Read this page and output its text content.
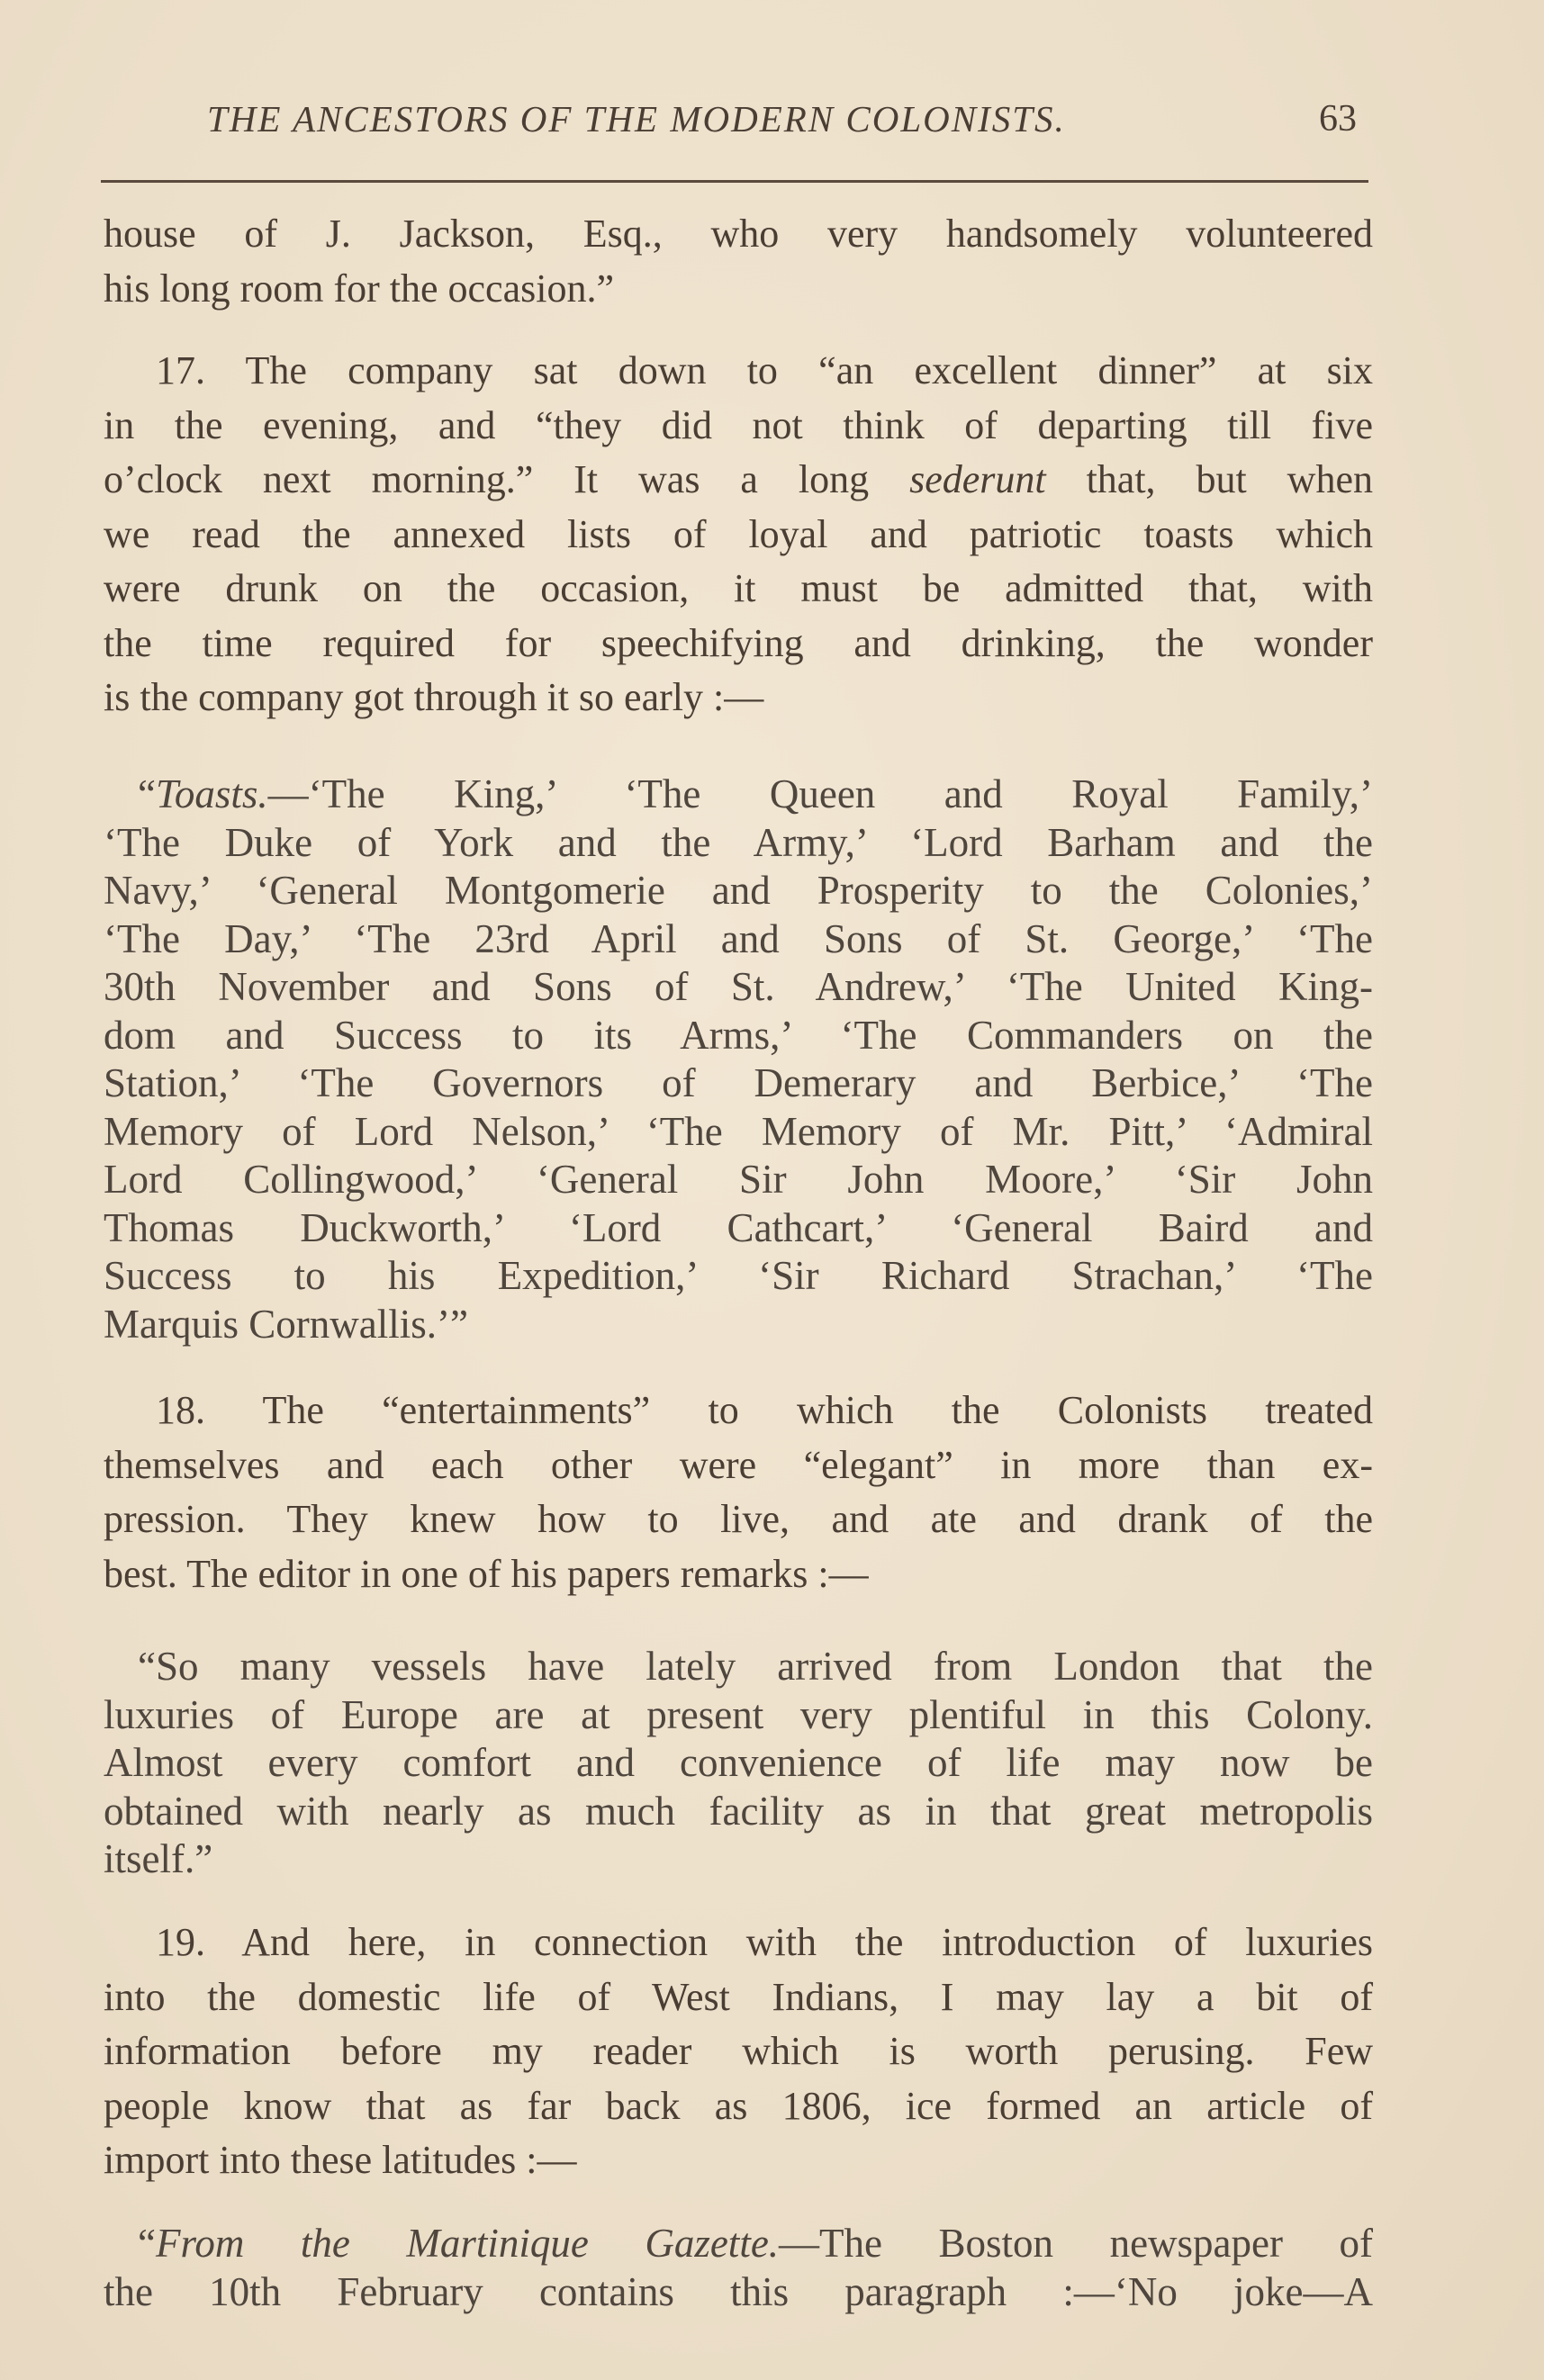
THE ANCESTORS OF THE MODERN COLONISTS.	63
house of J. Jackson, Esq., who very handsomely volunteered
his long room for the occasion.”
17. The company sat down to “an excellent dinner” at six
in the evening, and “they did not think of departing till five
o’clock next morning.” It was a long sederunt that, but when
we read the annexed lists of loyal and patriotic toasts which
were drunk on the occasion, it must be admitted that, with
the time required for speechifying and drinking, the wonder
is the company got through it so early :—
“Toasts.—‘The King,’ ‘The Queen and Royal Family,’
‘The Duke of York and the Army,’ ‘Lord Barham and the
Navy,’ ‘General Montgomerie and Prosperity to the Colonies,’
‘The Day,’ ‘The 23rd April and Sons of St. George,’ ‘The
30th November and Sons of St. Andrew,’ ‘The United King-
dom and Success to its Arms,’ ‘The Commanders on the
Station,’ ‘The Governors of Demerary and Berbice,’ ‘The
Memory of Lord Nelson,’ ‘The Memory of Mr. Pitt,’ ‘Admiral
Lord Collingwood,’ ‘General Sir John Moore,’ ‘Sir John
Thomas Duckworth,’ ‘Lord Cathcart,’ ‘General Baird and
Success to his Expedition,’ ‘Sir Richard Strachan,’ ‘The
Marquis Cornwallis.’”
18. The “entertainments” to which the Colonists treated
themselves and each other were “elegant” in more than ex-
pression. They knew how to live, and ate and drank of the
best. The editor in one of his papers remarks :—
“So many vessels have lately arrived from London that the
luxuries of Europe are at present very plentiful in this Colony.
Almost every comfort and convenience of life may now be
obtained with nearly as much facility as in that great metropolis
itself.”
19. And here, in connection with the introduction of luxuries
into the domestic life of West Indians, I may lay a bit of
information before my reader which is worth perusing. Few
people know that as far back as 1806, ice formed an article of
import into these latitudes :—
“From the Martinique Gazette.—The Boston newspaper of
the 10th February contains this paragraph :—‘No joke—A
